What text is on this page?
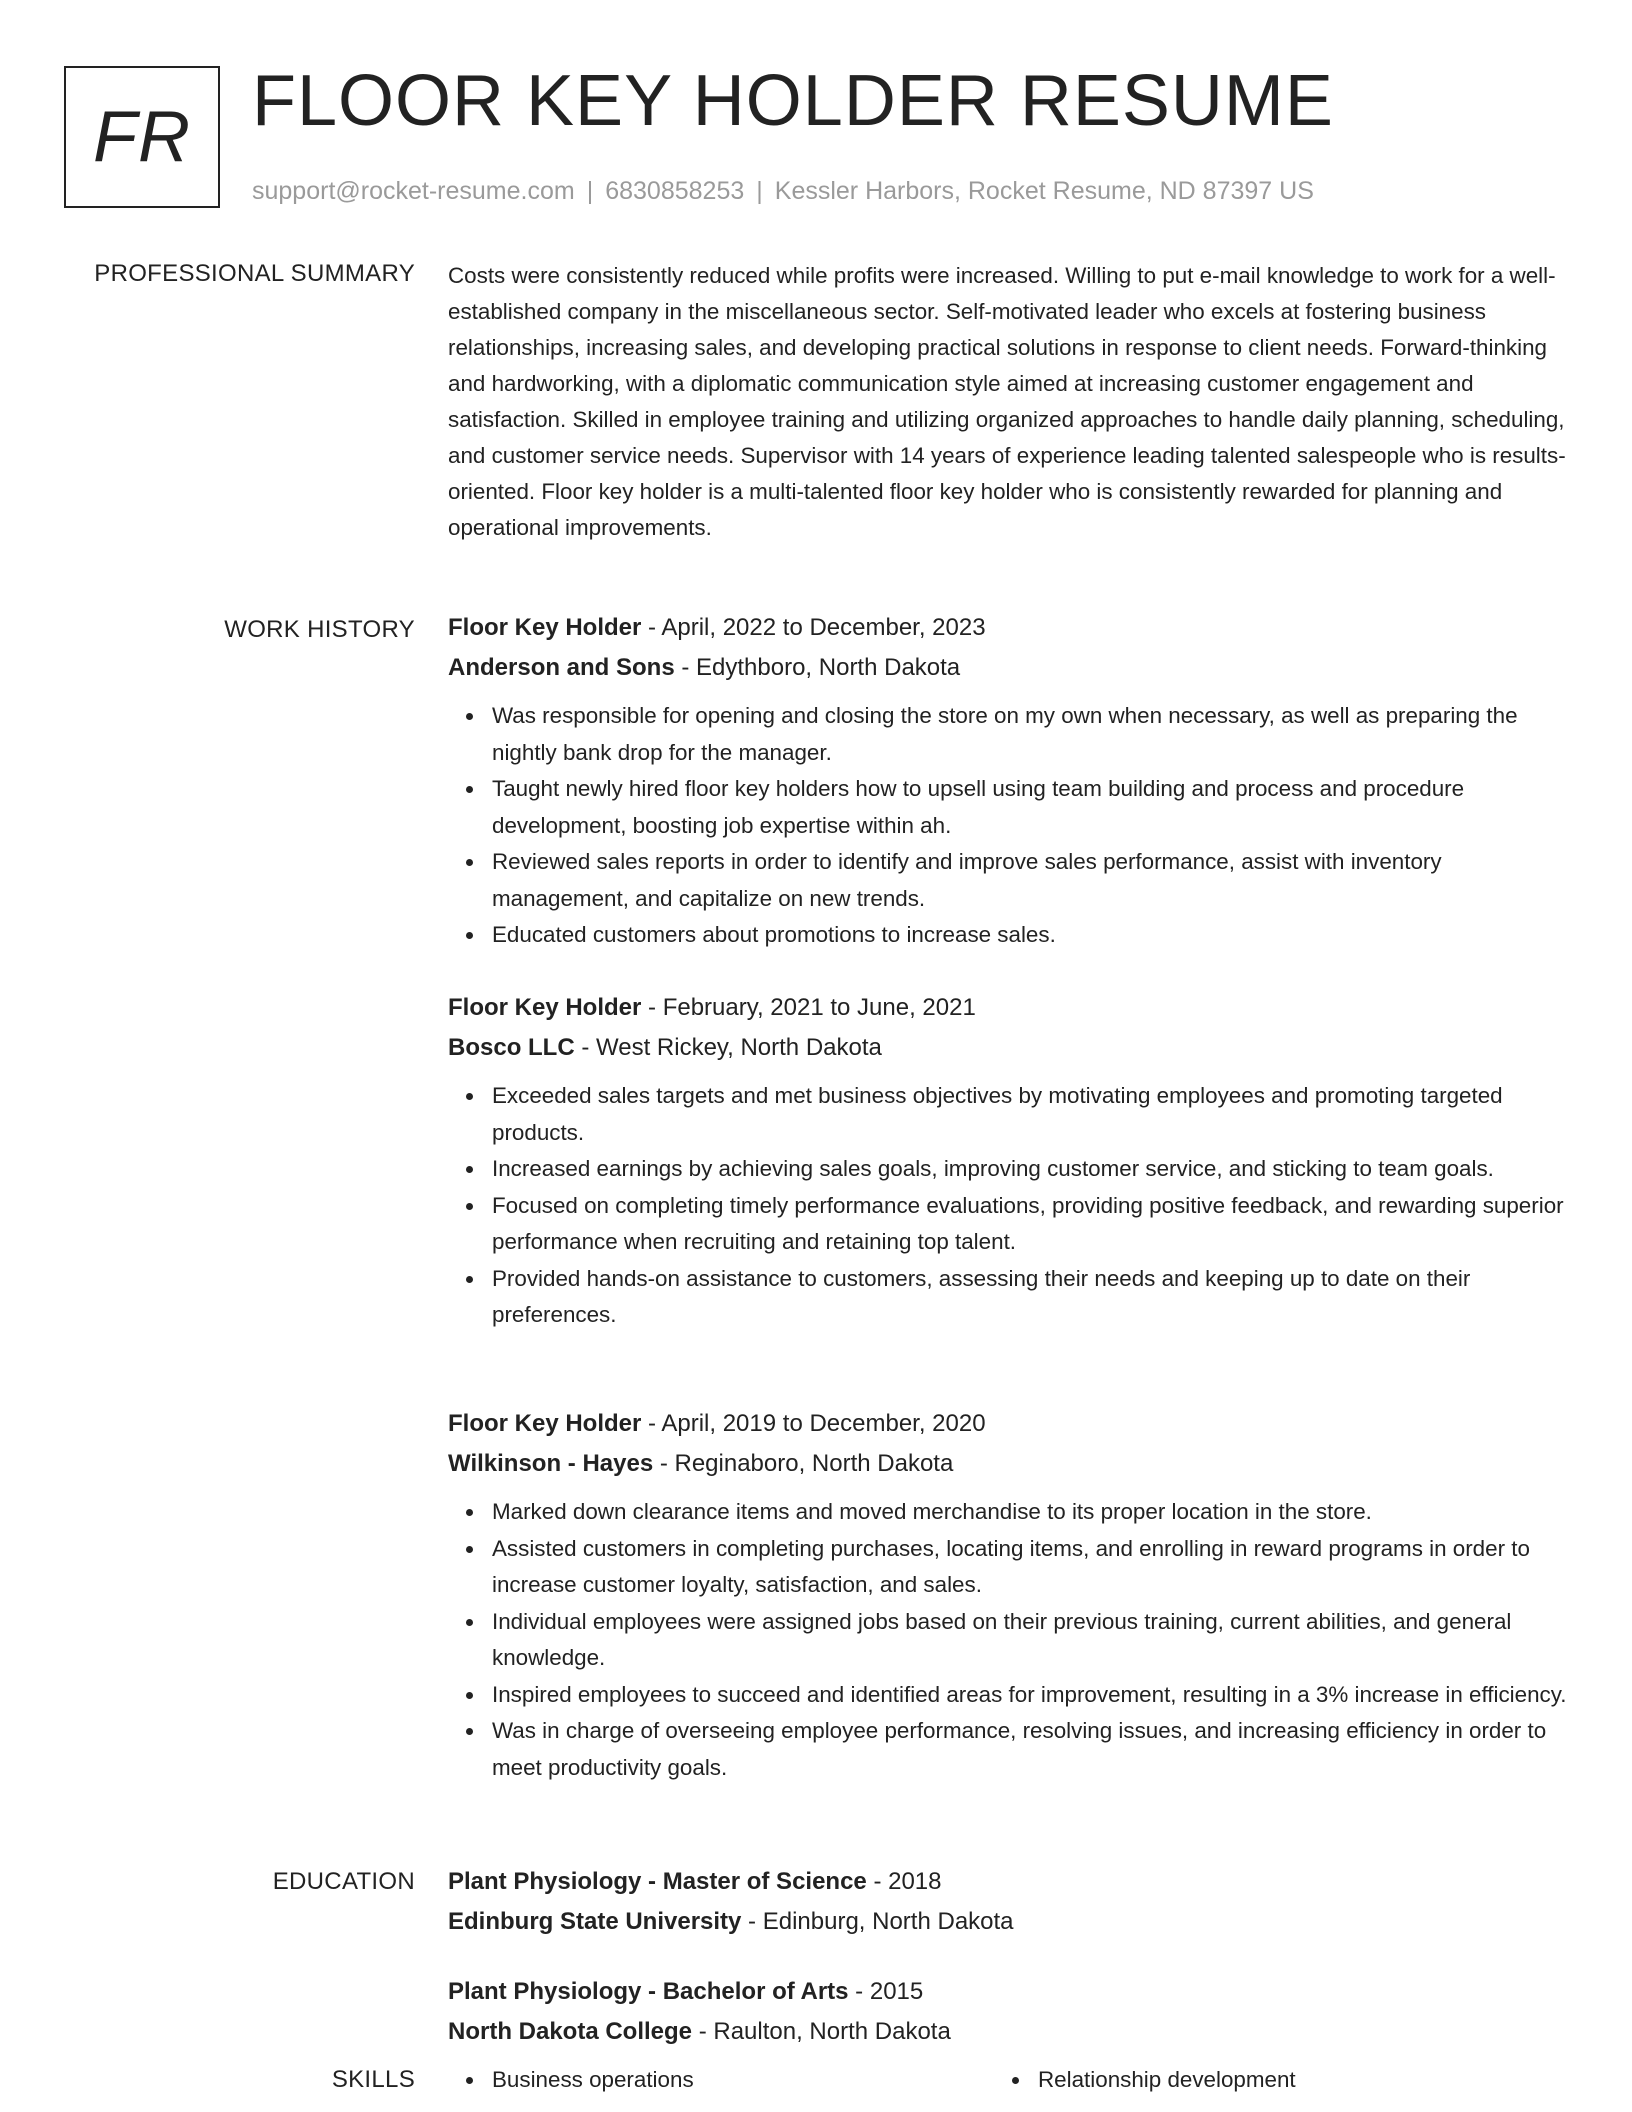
FR FLOOR KEY HOLDER RESUME
support@rocket-resume.com | 6830858253 | Kessler Harbors, Rocket Resume, ND 87397 US
PROFESSIONAL SUMMARY Costs were consistently reduced while profits were increased. Willing to put e-mail knowledge to work for a well-established company in the miscellaneous sector. Self-motivated leader who excels at fostering business relationships, increasing sales, and developing practical solutions in response to client needs. Forward-thinking and hardworking, with a diplomatic communication style aimed at increasing customer engagement and satisfaction. Skilled in employee training and utilizing organized approaches to handle daily planning, scheduling, and customer service needs. Supervisor with 14 years of experience leading talented salespeople who is results-oriented. Floor key holder is a multi-talented floor key holder who is consistently rewarded for planning and operational improvements.

WORK HISTORY Floor Key Holder - April, 2022 to December, 2023
Anderson and Sons - Edythboro, North Dakota
Was responsible for opening and closing the store on my own when necessary, as well as preparing the nightly bank drop for the manager.
Taught newly hired floor key holders how to upsell using team building and process and procedure development, boosting job expertise within ah.
Reviewed sales reports in order to identify and improve sales performance, assist with inventory management, and capitalize on new trends.
Educated customers about promotions to increase sales.
Floor Key Holder - February, 2021 to June, 2021
Bosco LLC - West Rickey, North Dakota
Exceeded sales targets and met business objectives by motivating employees and promoting targeted products.
Increased earnings by achieving sales goals, improving customer service, and sticking to team goals.
Focused on completing timely performance evaluations, providing positive feedback, and rewarding superior performance when recruiting and retaining top talent.
Provided hands-on assistance to customers, assessing their needs and keeping up to date on their preferences.
Floor Key Holder - April, 2019 to December, 2020
Wilkinson - Hayes - Reginaboro, North Dakota
Marked down clearance items and moved merchandise to its proper location in the store.
Assisted customers in completing purchases, locating items, and enrolling in reward programs in order to increase customer loyalty, satisfaction, and sales.
Individual employees were assigned jobs based on their previous training, current abilities, and general knowledge.
Inspired employees to succeed and identified areas for improvement, resulting in a 3% increase in efficiency.
Was in charge of overseeing employee performance, resolving issues, and increasing efficiency in order to meet productivity goals.
EDUCATION Plant Physiology - Master of Science - 2018
Edinburg State University - Edinburg, North Dakota
Plant Physiology - Bachelor of Arts - 2015
North Dakota College - Raulton, North Dakota
SKILLS	Business operations	Relationship development
